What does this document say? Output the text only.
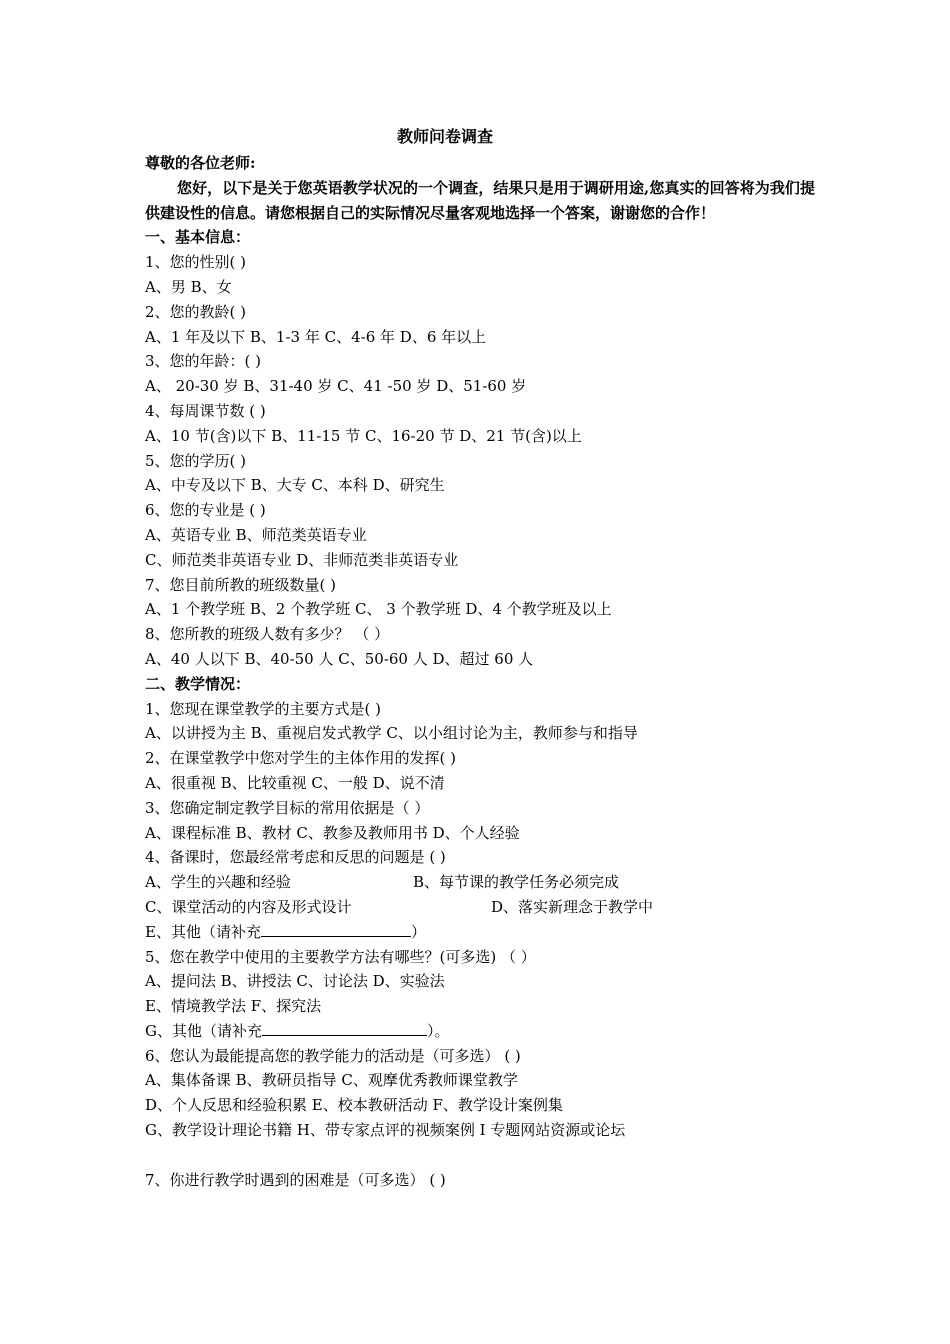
教师问卷调查
尊敬的各位老师:
您好，以下是关于您英语教学状况的一个调查，结果只是用于调研用途,您真实的回答将为我们提供建设性的信息。请您根据自己的实际情况尽量客观地选择一个答案，谢谢您的合作！
一、基本信息：
1、您的性别( )
A、男 B、女
2、您的教龄( )
A、1 年及以下 B、1-3 年 C、4-6 年 D、6 年以上
3、您的年龄：( )
A、 20-30 岁 B、31-40 岁 C、41 -50 岁 D、51-60 岁
4、每周课节数 ( )
A、10 节(含)以下 B、11-15 节 C、16-20 节 D、21 节(含)以上
5、您的学历( )
A、中专及以下 B、大专 C、本科 D、研究生
6、您的专业是 ( )
A、英语专业 B、师范类英语专业
C、师范类非英语专业 D、非师范类非英语专业
7、您目前所教的班级数量( )
A、1 个教学班 B、2 个教学班 C、 3 个教学班 D、4 个教学班及以上
8、您所教的班级人数有多少？ （ ）
A、40 人以下 B、40-50 人 C、50-60 人 D、超过 60 人
二、教学情况：
1、您现在课堂教学的主要方式是( )
A、以讲授为主 B、重视启发式教学 C、以小组讨论为主，教师参与和指导
2、在课堂教学中您对学生的主体作用的发挥( )
A、很重视 B、比较重视 C、一般 D、说不清
3、您确定制定教学目标的常用依据是（ ）
A、课程标准 B、教材 C、教参及教师用书 D、个人经验
4、备课时，您最经常考虑和反思的问题是 ( )
A、学生的兴趣和经验	B、每节课的教学任务必须完成
C、课堂活动的内容及形式设计	D、落实新理念于教学中
E、其他（请补充	）
5、您在教学中使用的主要教学方法有哪些？(可多选) （ ）
A、提问法 B、讲授法 C、讨论法 D、实验法
E、情境教学法 F、探究法
G、其他（请补充	）。
6、您认为最能提高您的教学能力的活动是（可多选） ( )
A、集体备课 B、教研员指导 C、观摩优秀教师课堂教学
D、个人反思和经验积累 E、校本教研活动 F、教学设计案例集
G、教学设计理论书籍 H、带专家点评的视频案例 I 专题网站资源或论坛
7、你进行教学时遇到的困难是（可多选） ( )
